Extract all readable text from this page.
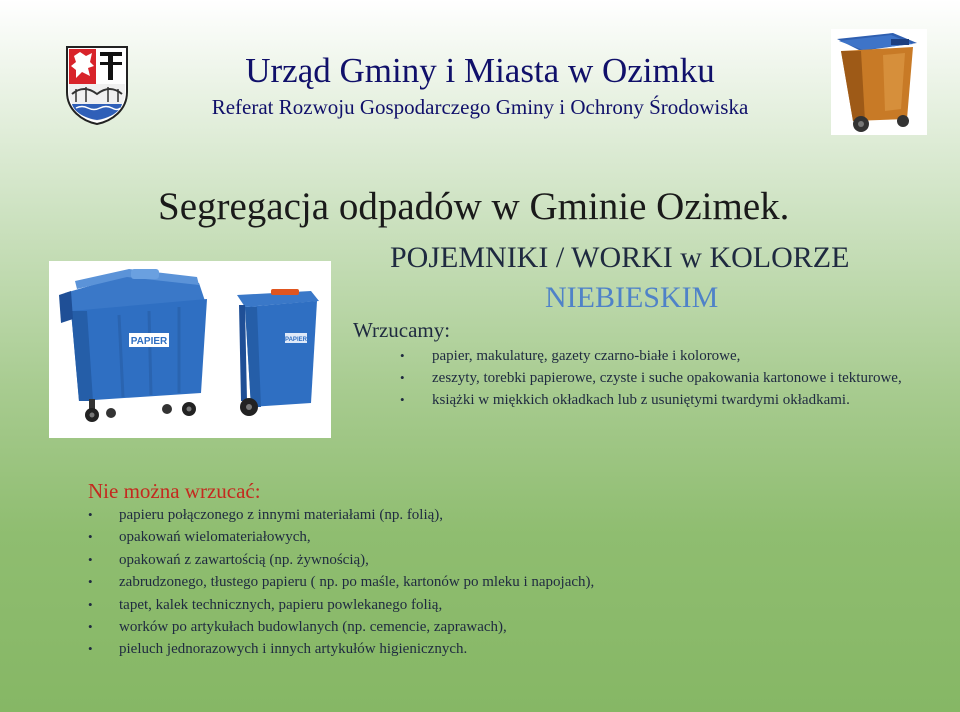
Urząd Gminy i Miasta w Ozimku
Referat Rozwoju Gospodarczego Gminy i Ochrony Środowiska
Segregacja odpadów w Gminie Ozimek.
POJEMNIKI / WORKI w KOLORZE
NIEBIESKIM
PAPIER	PAPIER Wrzucamy:
• papier, makulaturę, gazety czarno-białe i kolorowe,
• zeszyty, torebki papierowe, czyste i suche opakowania kartonowe i tekturowe,
• książki w miękkich okładkach lub z usuniętymi twardymi okładkami.
Nie można wrzucać:
• papieru połączonego z innymi materiałami (np. folią),
• opakowań wielomateriałowych,
• opakowań z zawartością (np. żywnością),
• zabrudzonego, tłustego papieru ( np. po maśle, kartonów po mleku i napojach),
• tapet, kalek technicznych, papieru powlekanego folią,
• worków po artykułach budowlanych (np. cemencie, zaprawach),
• pieluch jednorazowych i innych artykułów higienicznych.
